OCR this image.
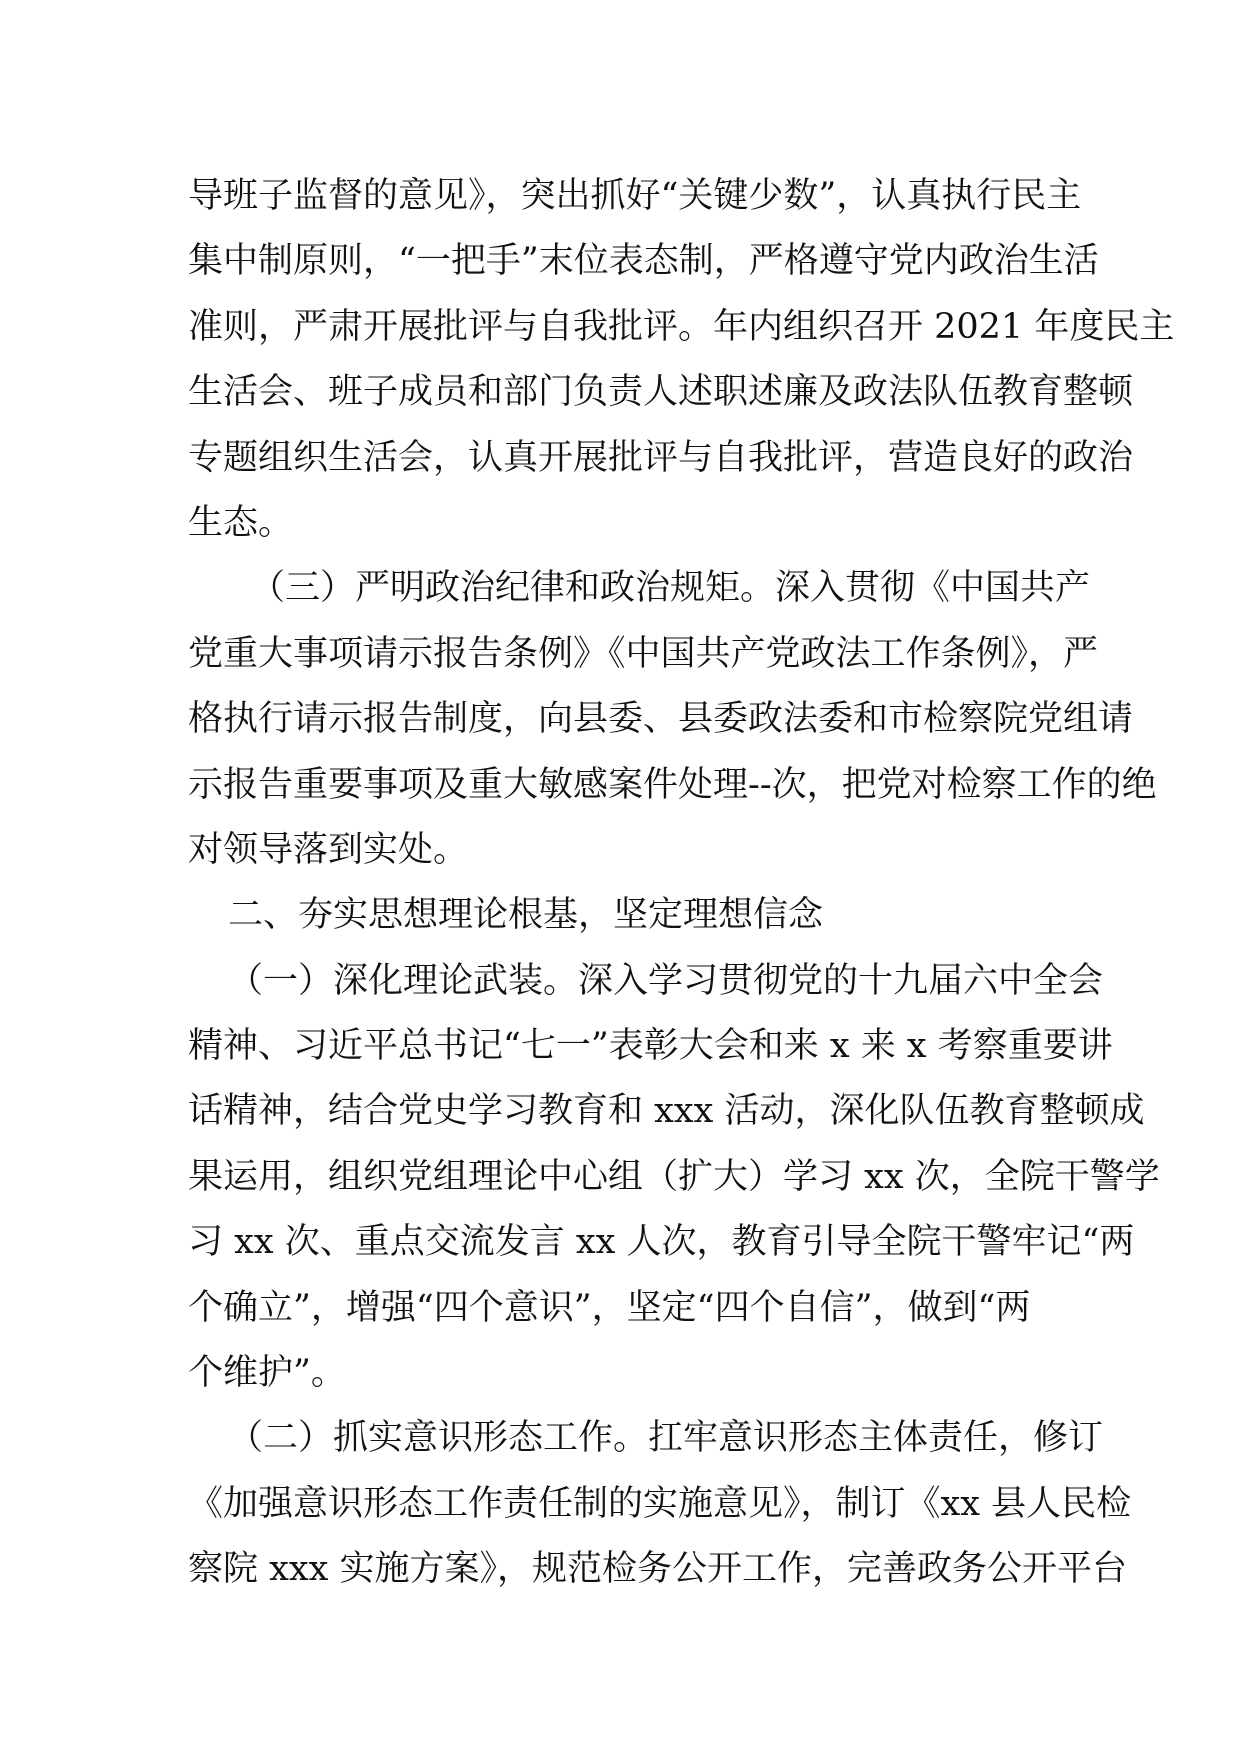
导班子监督的意见》，突出抓好“关键少数”，认真执行民主
集中制原则，“一把手”末位表态制，严格遵守党内政治生活
准则，严肃开展批评与自我批评。年内组织召开 2021 年度民主
生活会、班子成员和部门负责人述职述廉及政法队伍教育整顿
专题组织生活会，认真开展批评与自我批评，营造良好的政治
生态。
（三）严明政治纪律和政治规矩。深入贯彻《中国共产
党重大事项请示报告条例》《中国共产党政法工作条例》，严
格执行请示报告制度，向县委、县委政法委和市检察院党组请
示报告重要事项及重大敏感案件处理--次，把党对检察工作的绝
对领导落到实处。
二、夯实思想理论根基，坚定理想信念
（一）深化理论武装。深入学习贯彻党的十九届六中全会
精神、习近平总书记“七一”表彰大会和来 x 来 x 考察重要讲
话精神，结合党史学习教育和 xxx 活动，深化队伍教育整顿成
果运用，组织党组理论中心组（扩大）学习 xx 次，全院干警学
习 xx 次、重点交流发言 xx 人次，教育引导全院干警牢记“两
个确立”，增强“四个意识”，坚定“四个自信”，做到“两
个维护”。
（二）抓实意识形态工作。扛牢意识形态主体责任，修订
《加强意识形态工作责任制的实施意见》，制订《xx 县人民检
察院 xxx 实施方案》，规范检务公开工作，完善政务公开平台
